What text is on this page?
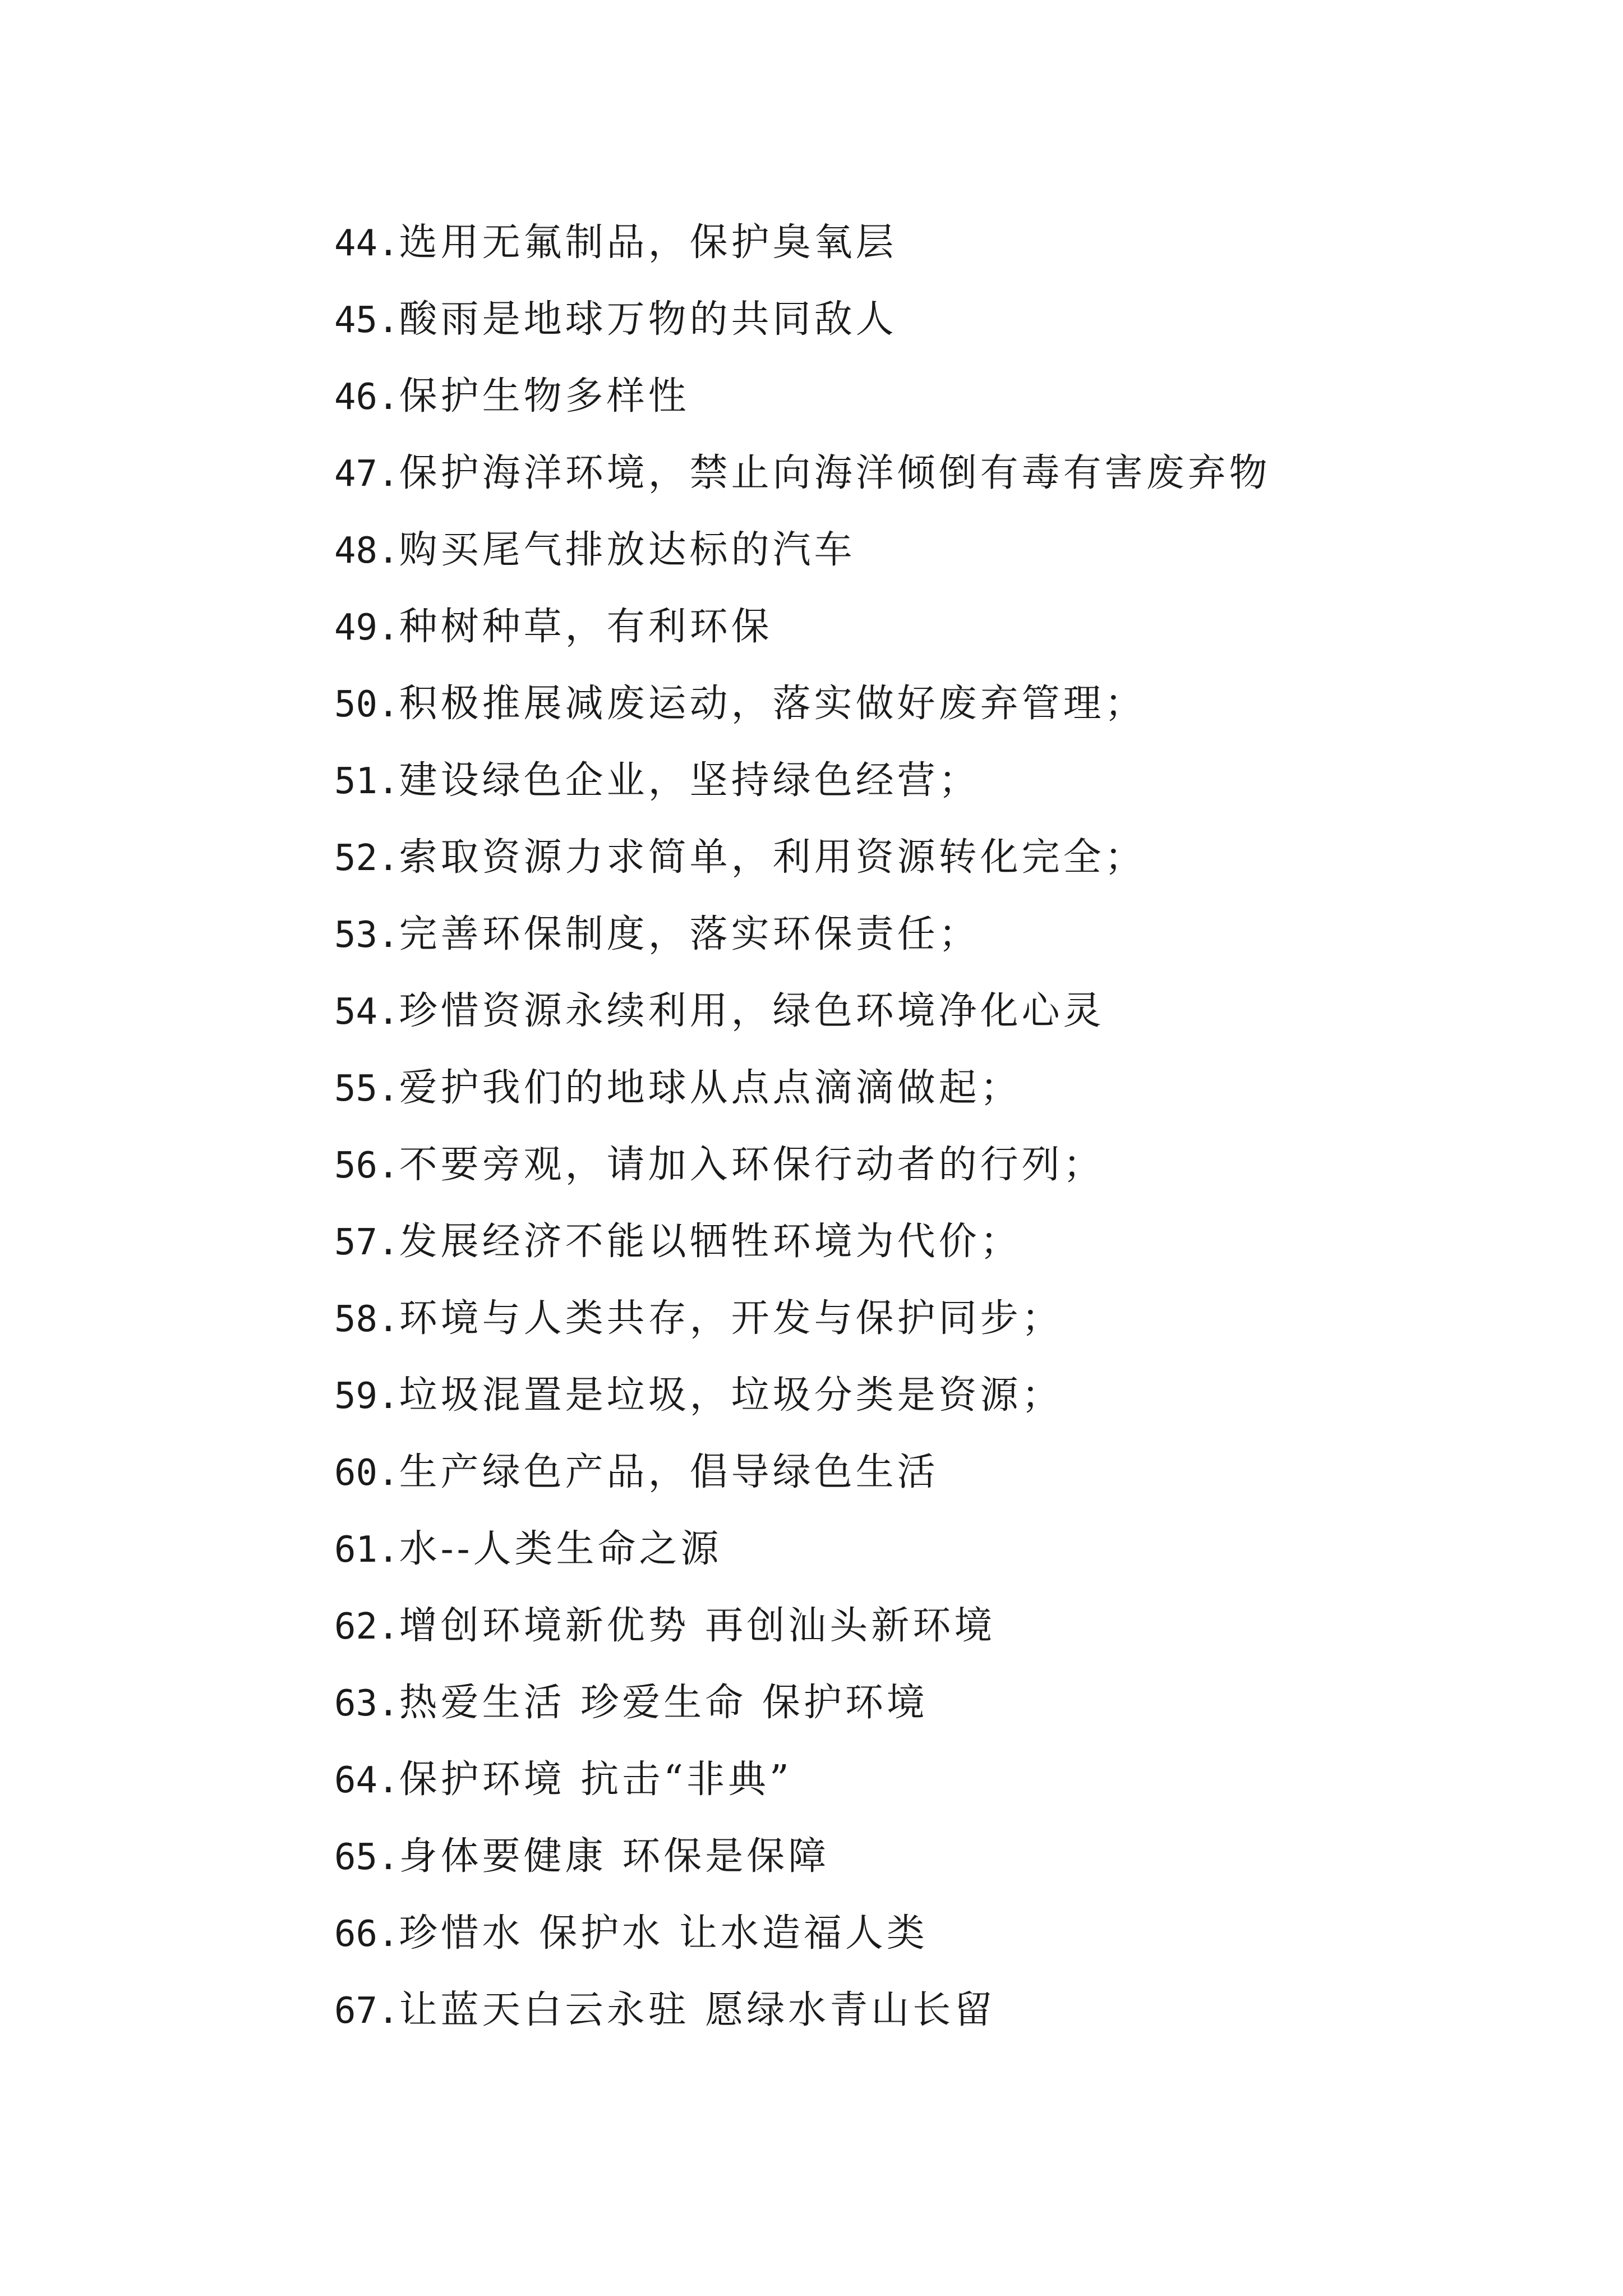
44.选用无氟制品，保护臭氧层
45.酸雨是地球万物的共同敌人
46.保护生物多样性
47.保护海洋环境，禁止向海洋倾倒有毒有害废弃物
48.购买尾气排放达标的汽车
49.种树种草，有利环保
50.积极推展减废运动，落实做好废弃管理；
51.建设绿色企业，坚持绿色经营；
52.索取资源力求简单，利用资源转化完全；
53.完善环保制度，落实环保责任；
54.珍惜资源永续利用，绿色环境净化心灵
55.爱护我们的地球从点点滴滴做起；
56.不要旁观，请加入环保行动者的行列；
57.发展经济不能以牺牲环境为代价；
58.环境与人类共存，开发与保护同步；
59.垃圾混置是垃圾，垃圾分类是资源；
60.生产绿色产品，倡导绿色生活
61.水--人类生命之源
62.增创环境新优势 再创汕头新环境
63.热爱生活 珍爱生命 保护环境
64.保护环境 抗击“非典”
65.身体要健康 环保是保障
66.珍惜水 保护水 让水造福人类
67.让蓝天白云永驻 愿绿水青山长留
